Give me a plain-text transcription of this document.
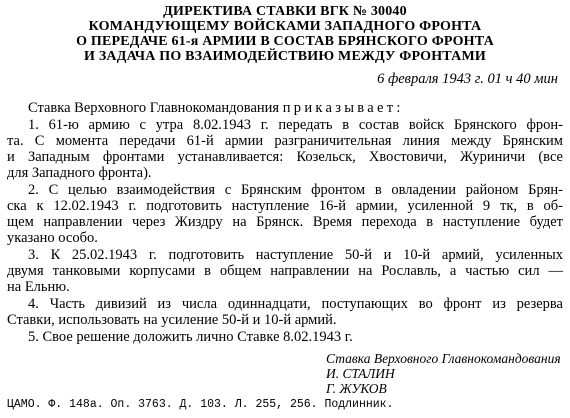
ДИРЕКТИВА СТАВКИ ВГК № 30040
КОМАНДУЮЩЕМУ ВОЙСКАМИ ЗАПАДНОГО ФРОНТА
О ПЕРЕДАЧЕ 61-я АРМИИ В СОСТАВ БРЯНСКОГО ФРОНТА
И ЗАДАЧА ПО ВЗАИМОДЕЙСТВИЮ МЕЖДУ ФРОНТАМИ
6 февраля 1943 г. 01 ч 40 мин
Ставка Верховного Главнокомандования приказывает:
1. 61-ю армию с утра 8.02.1943 г. передать в состав войск Брянского фрон-
та. С момента передачи 61-й армии разграничительная линия между Брянским
и Западным фронтами устанавливается: Козельск, Хвостовичи, Журиничи (все
для Западного фронта).
2. С целью взаимодействия с Брянским фронтом в овладении районом Брян-
ска к 12.02.1943 г. подготовить наступление 16-й армии, усиленной 9 тк, в об-
щем направлении через Жиздру на Брянск. Время перехода в наступление будет
указано особо.
3. К 25.02.1943 г. подготовить наступление 50-й и 10-й армий, усиленных
двумя танковыми корпусами в общем направлении на Рославль, а частью сил —
на Ельню.
4. Часть дивизий из числа одиннадцати, поступающих во фронт из резерва
Ставки, использовать на усиление 50-й и 10-й армий.
5. Свое решение доложить лично Ставке 8.02.1943 г.
Ставка Верховного Главнокомандования
И. СТАЛИН
Г. ЖУКОВ
ЦАМО. Ф. 148а. Оп. 3763. Д. 103. Л. 255, 256. Подлинник.
